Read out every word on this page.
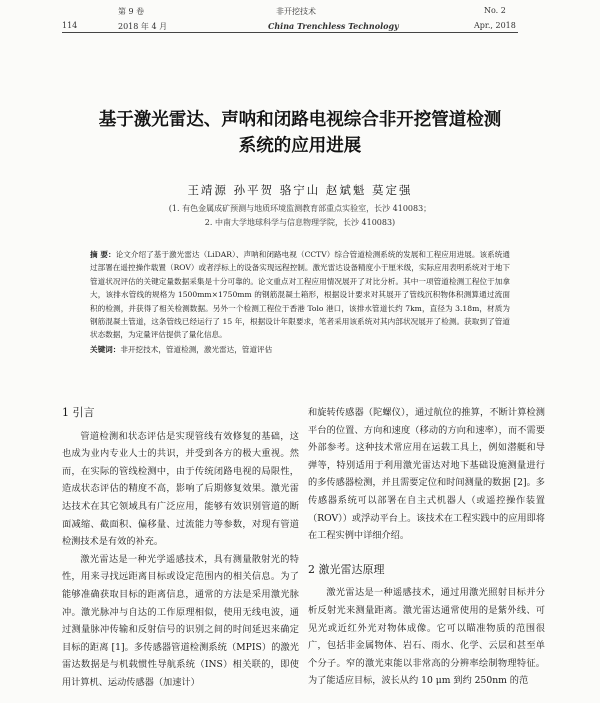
第 9 卷	非开挖技术	No. 2
114	2018 年 4 月	China Trenchless Technology	Apr., 2018
基于激光雷达、声呐和闭路电视综合非开挖管道检测
系统的应用进展
王靖源 孙平贺 骆宁山 赵斌魁 莫定强
(1. 有色金属成矿预测与地质环境监测教育部重点实验室，长沙 410083；
2. 中南大学地球科学与信息物理学院，长沙 410083)
摘 要：论文介绍了基于激光雷达（LiDAR）、声呐和闭路电视（CCTV）综合管道检测系统的发展和工程应用进展。该系统通过部署在遥控操作载置（ROV）或者浮标上的设备实现远程控制。激光雷达设备精度小于厘米级，实际应用表明系统对于地下管道状况评估的关键定量数据采集是十分可靠的。论文重点对工程应用情况展开了对比分析。其中一项管道检测工程位于加拿大，该排水管线的规格为 1500mm×1750mm 的钢筋混凝土箱形，根据设计要求对其展开了管线沉积物体积测算通过流面积的检测，并获得了相关检测数据。另外一个检测工程位于香港 Tolo 港口，该排水管道长约 7km，直径为 3.18m，材质为钢筋混凝土管道，这条管线已经运行了 15 年，根据设计年限要求，笔者采用该系统对其内部状况展开了检测。获取到了管道状态数据，为定量评估提供了量化信息。
关键词：非开挖技术，管道检测，激光雷达，管道评估
1 引言

管道检测和状态评估是实现管线有效修复的基础，这也成为业内专业人士的共识，并受到各方的极大重视。然而，在实际的管线检测中，由于传统闭路电视的局限性，造成状态评估的精度不高，影响了后期修复效果。激光雷达技术在其它领域具有广泛应用，能够有效识别管道的断面减缩、截面积、偏移量、过流能力等参数，对现有管道检测技术是有效的补充。

激光雷达是一种光学遥感技术，具有测量散射光的特性，用来寻找远距离目标或设定范围内的相关信息。为了能够准确获取目标的距离信息，通常的方法是采用激光脉冲。激光脉冲与自达的工作原理相似，使用无线电波，通过测量脉冲传输和反射信号的识别之间的时间延迟来确定目标的距离 [1]。多传感器管道检测系统（MPIS）的激光雷达数据是与机载惯性导航系统（INS）相关联的，即使用计算机、运动传感器（加速计）

和旋转传感器（陀螺仪），通过航位的推算，不断计算检测平台的位置、方向和速度（移动的方向和速率），而不需要外部参考。这种技术常应用在运载工具上，例如潜艇和导弹等，特别适用于利用激光雷达对地下基础设施测量进行的多传感器检测，并且需要定位和时间测量的数据 [2]。多传感器系统可以部署在自主式机器人（或遥控操作装置（ROV））或浮动平台上。该技术在工程实践中的应用即将在工程实例中详细介绍。

2 激光雷达原理

激光雷达是一种遥感技术，通过用激光照射目标并分析反射光来测量距离。激光雷达通常使用的是紫外线、可见光或近红外光对物体成像。它可以瞄准物质的范围很广，包括非金属物体、岩石、雨水、化学、云层和甚至单个分子。窄的激光束能以非常高的分辨率绘制物理特征。为了能适应目标，波长从约 10 μm 到约 250nm 的范
